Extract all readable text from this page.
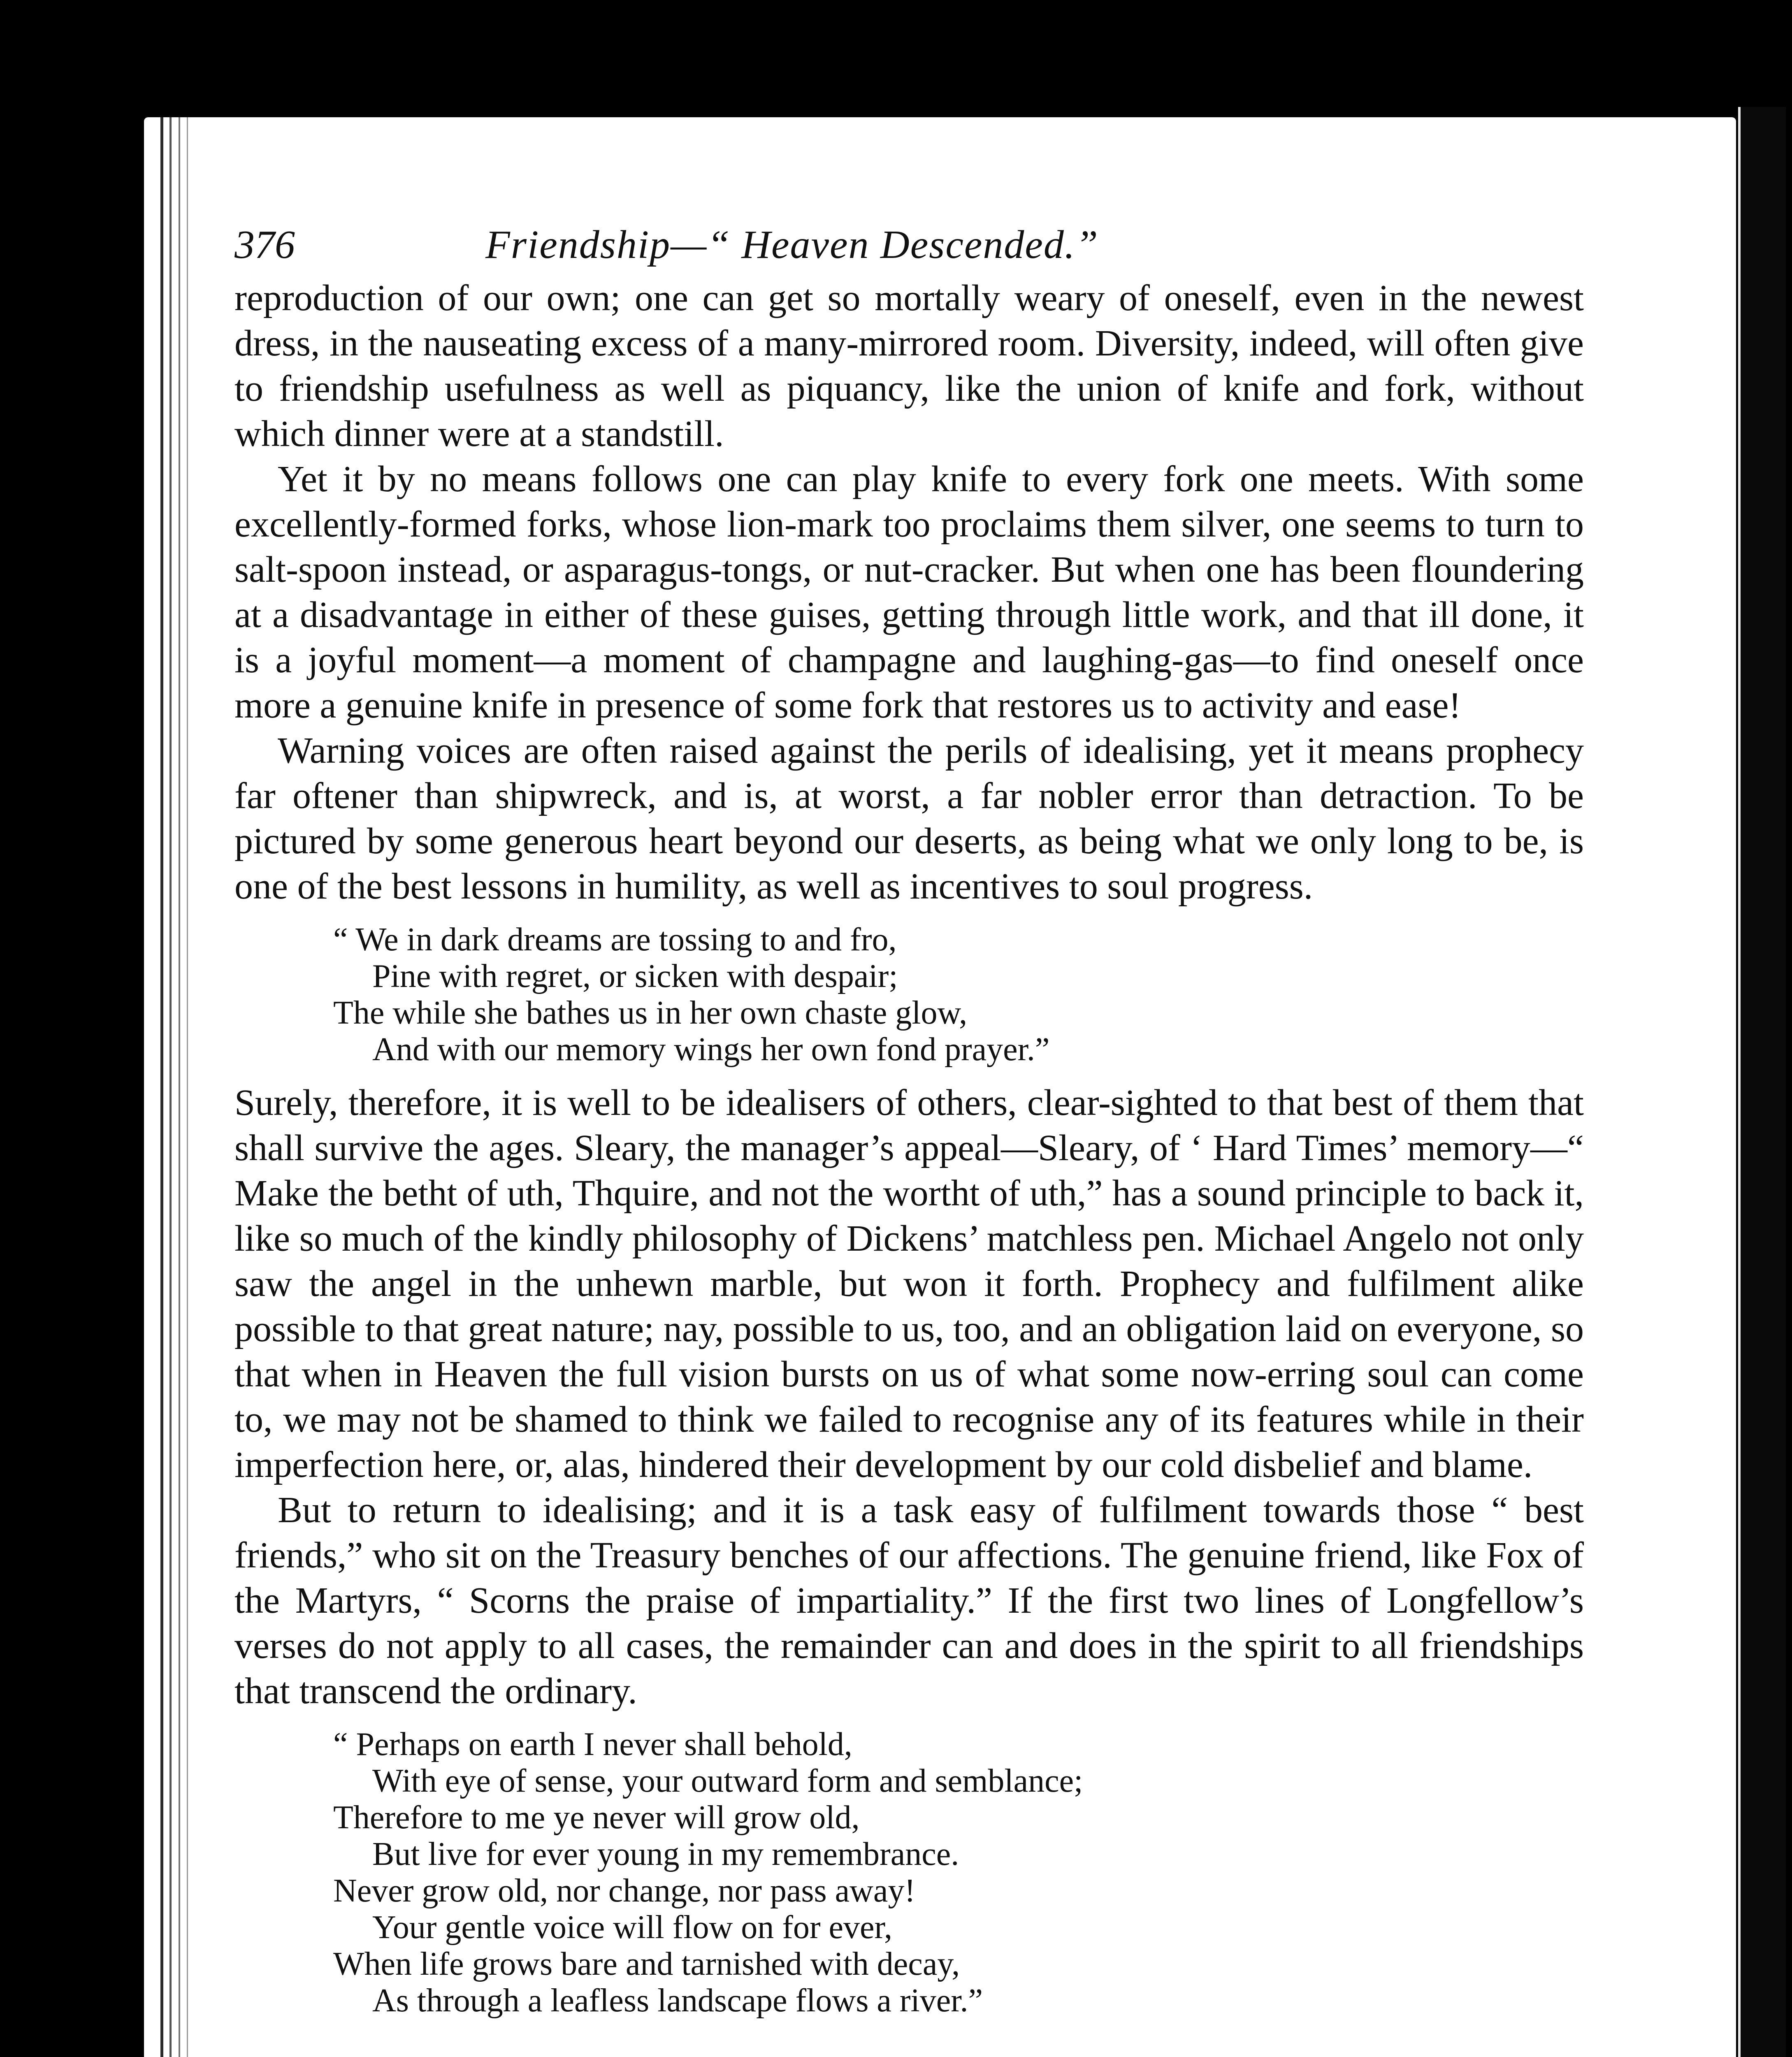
376	Friendship—“ Heaven Descended.”

reproduction of our own; one can get so mortally weary of oneself, even in the newest dress, in the nauseating excess of a many-mirrored room. Diversity, indeed, will often give to friendship usefulness as well as piquancy, like the union of knife and fork, without which dinner were at a standstill.

Yet it by no means follows one can play knife to every fork one meets. With some excellently-formed forks, whose lion-mark too proclaims them silver, one seems to turn to salt-spoon instead, or asparagus-tongs, or nut-cracker. But when one has been floundering at a disadvantage in either of these guises, getting through little work, and that ill done, it is a joyful moment—a moment of champagne and laughing-gas—to find oneself once more a genuine knife in presence of some fork that restores us to activity and ease!

Warning voices are often raised against the perils of idealising, yet it means prophecy far oftener than shipwreck, and is, at worst, a far nobler error than detraction. To be pictured by some generous heart beyond our deserts, as being what we only long to be, is one of the best lessons in humility, as well as incentives to soul progress.

“ We in dark dreams are tossing to and fro,
Pine with regret, or sicken with despair;
The while she bathes us in her own chaste glow,
And with our memory wings her own fond prayer.”

Surely, therefore, it is well to be idealisers of others, clear-sighted to that best of them that shall survive the ages. Sleary, the manager’s appeal—Sleary, of ‘ Hard Times’ memory—“ Make the betht of uth, Thquire, and not the wortht of uth,” has a sound principle to back it, like so much of the kindly philosophy of Dickens’ matchless pen. Michael Angelo not only saw the angel in the unhewn marble, but won it forth. Prophecy and fulfilment alike possible to that great nature; nay, possible to us, too, and an obligation laid on everyone, so that when in Heaven the full vision bursts on us of what some now-erring soul can come to, we may not be shamed to think we failed to recognise any of its features while in their imperfection here, or, alas, hindered their development by our cold disbelief and blame.

But to return to idealising; and it is a task easy of fulfilment towards those “ best friends,” who sit on the Treasury benches of our affections. The genuine friend, like Fox of the Martyrs, “ Scorns the praise of impartiality.” If the first two lines of Longfellow’s verses do not apply to all cases, the remainder can and does in the spirit to all friendships that transcend the ordinary.

“ Perhaps on earth I never shall behold,
With eye of sense, your outward form and semblance;
Therefore to me ye never will grow old,
But live for ever young in my remembrance.
Never grow old, nor change, nor pass away!
Your gentle voice will flow on for ever,
When life grows bare and tarnished with decay,
As through a leafless landscape flows a river.”
